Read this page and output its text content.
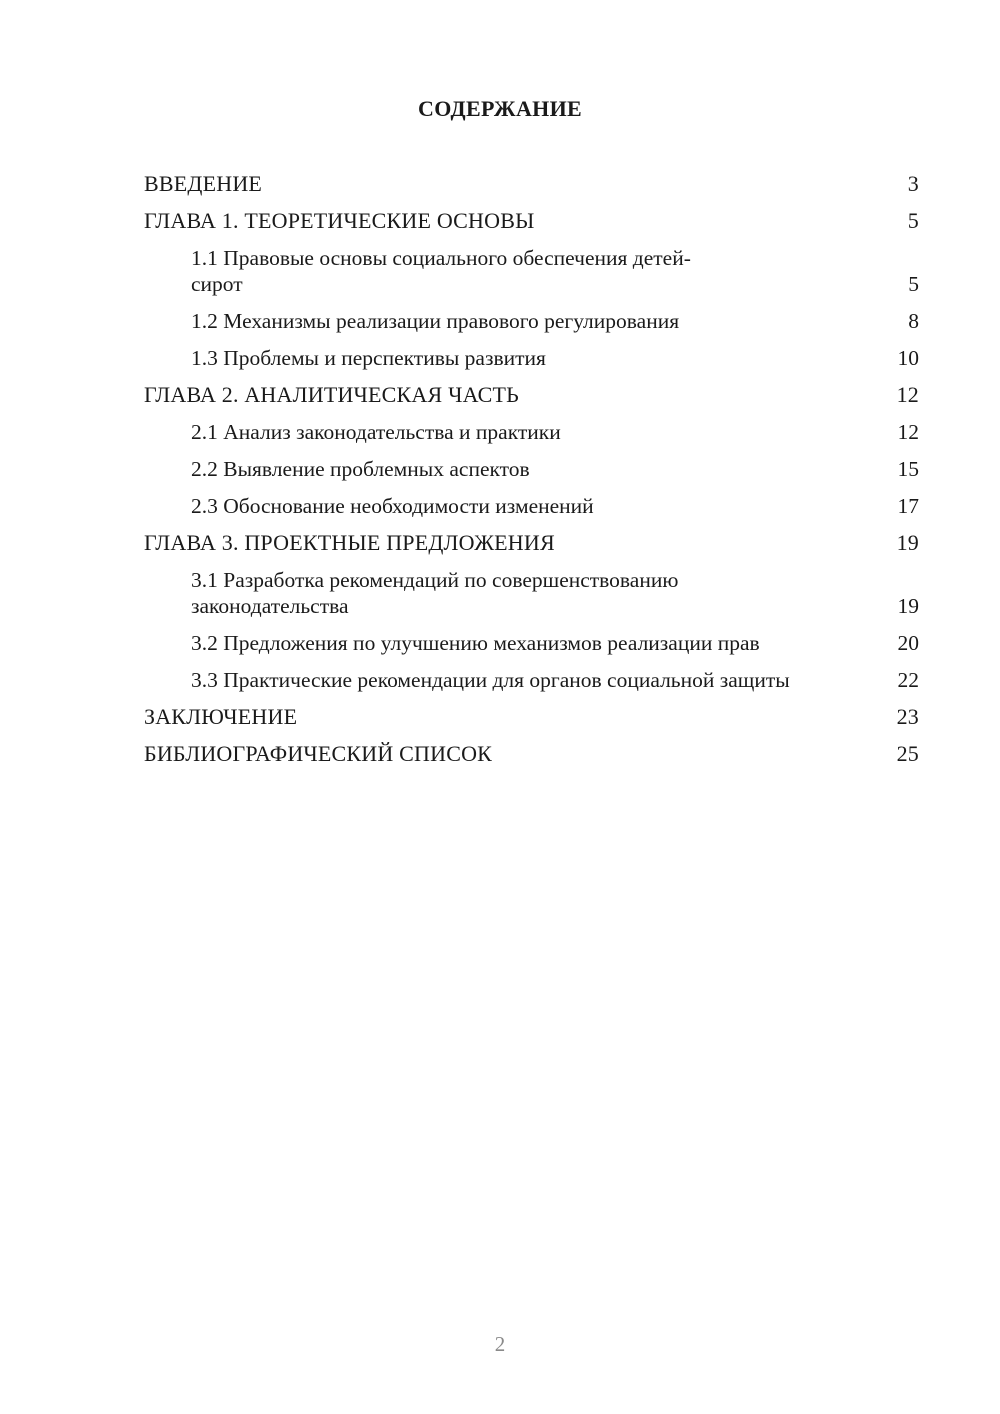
СОДЕРЖАНИЕ
ВВЕДЕНИЕ	3
ГЛАВА 1. ТЕОРЕТИЧЕСКИЕ ОСНОВЫ	5
1.1 Правовые основы социального обеспечения детей-сирот	5
1.2 Механизмы реализации правового регулирования	8
1.3 Проблемы и перспективы развития	10
ГЛАВА 2. АНАЛИТИЧЕСКАЯ ЧАСТЬ	12
2.1 Анализ законодательства и практики	12
2.2 Выявление проблемных аспектов	15
2.3 Обоснование необходимости изменений	17
ГЛАВА 3. ПРОЕКТНЫЕ ПРЕДЛОЖЕНИЯ	19
3.1 Разработка рекомендаций по совершенствованию законодательства	19
3.2 Предложения по улучшению механизмов реализации прав	20
3.3 Практические рекомендации для органов социальной защиты	22
ЗАКЛЮЧЕНИЕ	23
БИБЛИОГРАФИЧЕСКИЙ СПИСОК	25
2
